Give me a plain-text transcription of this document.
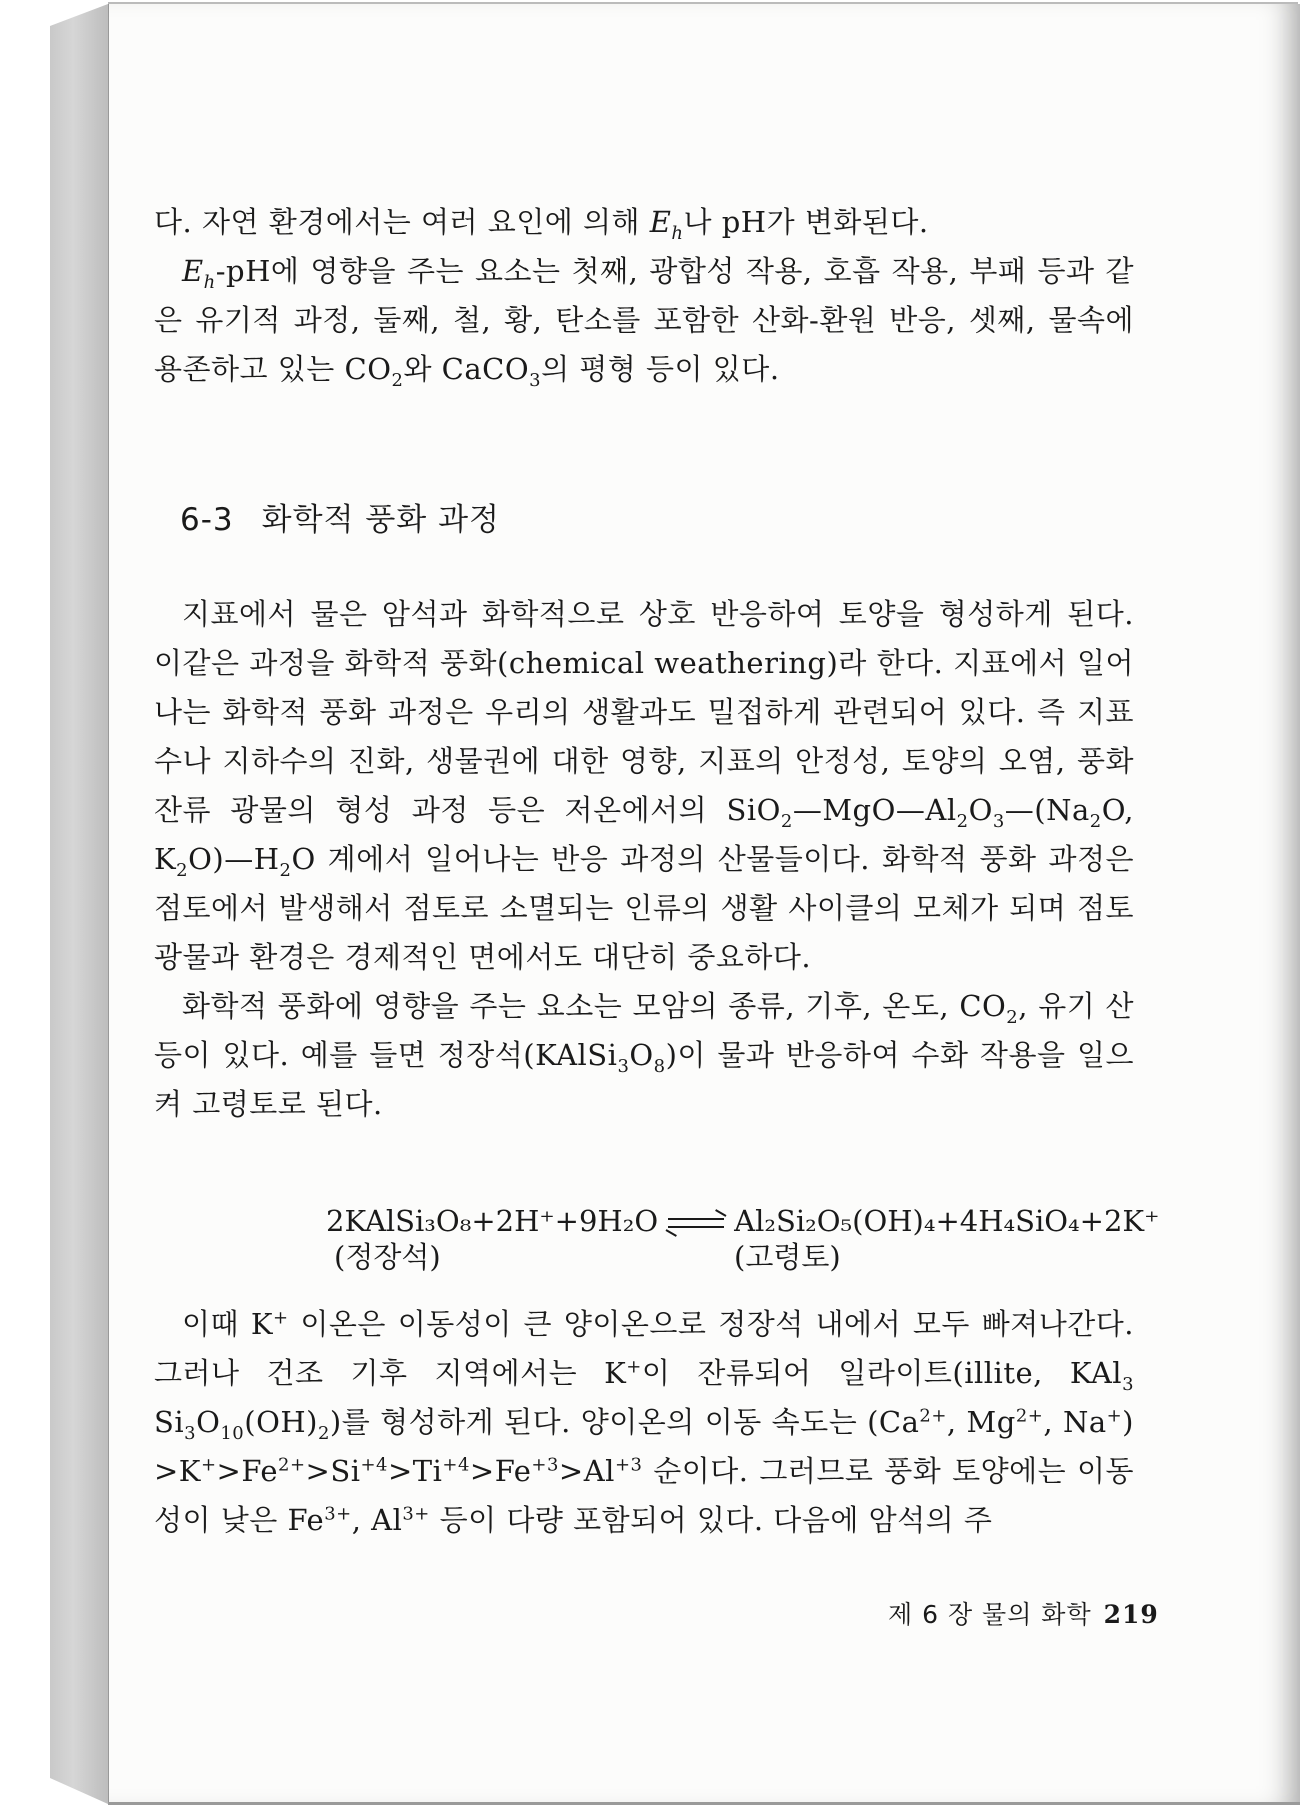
다. 자연 환경에서는 여러 요인에 의해 $E_h$나 pH가 변화된다.

$E_h-pH$에 영향을 주는 요소는 첫째, 광합성 작용, 호흡 작용, 부패 등과 같은 유기적 과정, 둘째, 철, 황, 탄소를 포함한 산화-환원 반응, 셋째, 물속에 용존하고 있는 $CO_2$와 CaCO$_3$의 평형 등이 있다.

6-3 화학적 풍화 과정

지표에서 물은 암석과 화학적으로 상호 반응하여 토양을 형성하게 된다. 이같은 과정을 화학적 풍화(chemical weathering)라 한다. 지표에서 일어나는 화학적 풍화 과정은 우리의 생활과도 밀접하게 관련되어 있다. 즉 지표수나 지하수의 진화, 생물권에 대한 영향, 지표의 안정성, 토양의 오염, 풍화 잔류 광물의 형성 과정 등은 저온에서의 $SiO_2—MgO—Al_2O_3—(Na_2O$, $K_2O)—H_2O$ 계에서 일어나는 반응 과정의 산물들이다. 화학적 풍화 과정은 점토에서 발생해서 점토로 소멸되는 인류의 생활 사이클의 모체가 되며 점토 광물과 환경은 경제적인 면에서도 대단히 중요하다.

화학적 풍화에 영향을 주는 요소는 모암의 종류, 기후, 온도, $CO_2$, 유기 산 등이 있다. 예를 들면 정장석$(KAlSi_3O_8)$이 물과 반응하여 수화 작용을 일으켜 고령토로 된다.

2KAlSi₃O₈+2H⁺+9H₂O	Al₂Si₂O₅(OH)₄+4H₄SiO₄+2K⁺
(정장석)	(고령토)

이때 K+ 이온은 이동성이 큰 양이온으로 정장석 내에서 모두 빠져나간다. 그러나 건조 기후 지역에서는 K+이 잔류되어 일라이트(illite, KAl$_3$ $Si_3O_{10}(OH)_2$)를 형성하게 된다. 양이온의 이동 속도는 ($Ca^{2+}$, $Mg^{2+}$, $Na^+) >K^+>Fe^{2+}>Si^{+4}>Ti^{+4}>Fe^{+3}>Al^{+3}$ 순이다. 그러므로 풍화 토양에는 이동성이 낮은 $Fe^{3+}$, $Al^{3+}$ 등이 다량 포함되어 있다. 다음에 암석의 주

제 6 장 물의 화학 219
